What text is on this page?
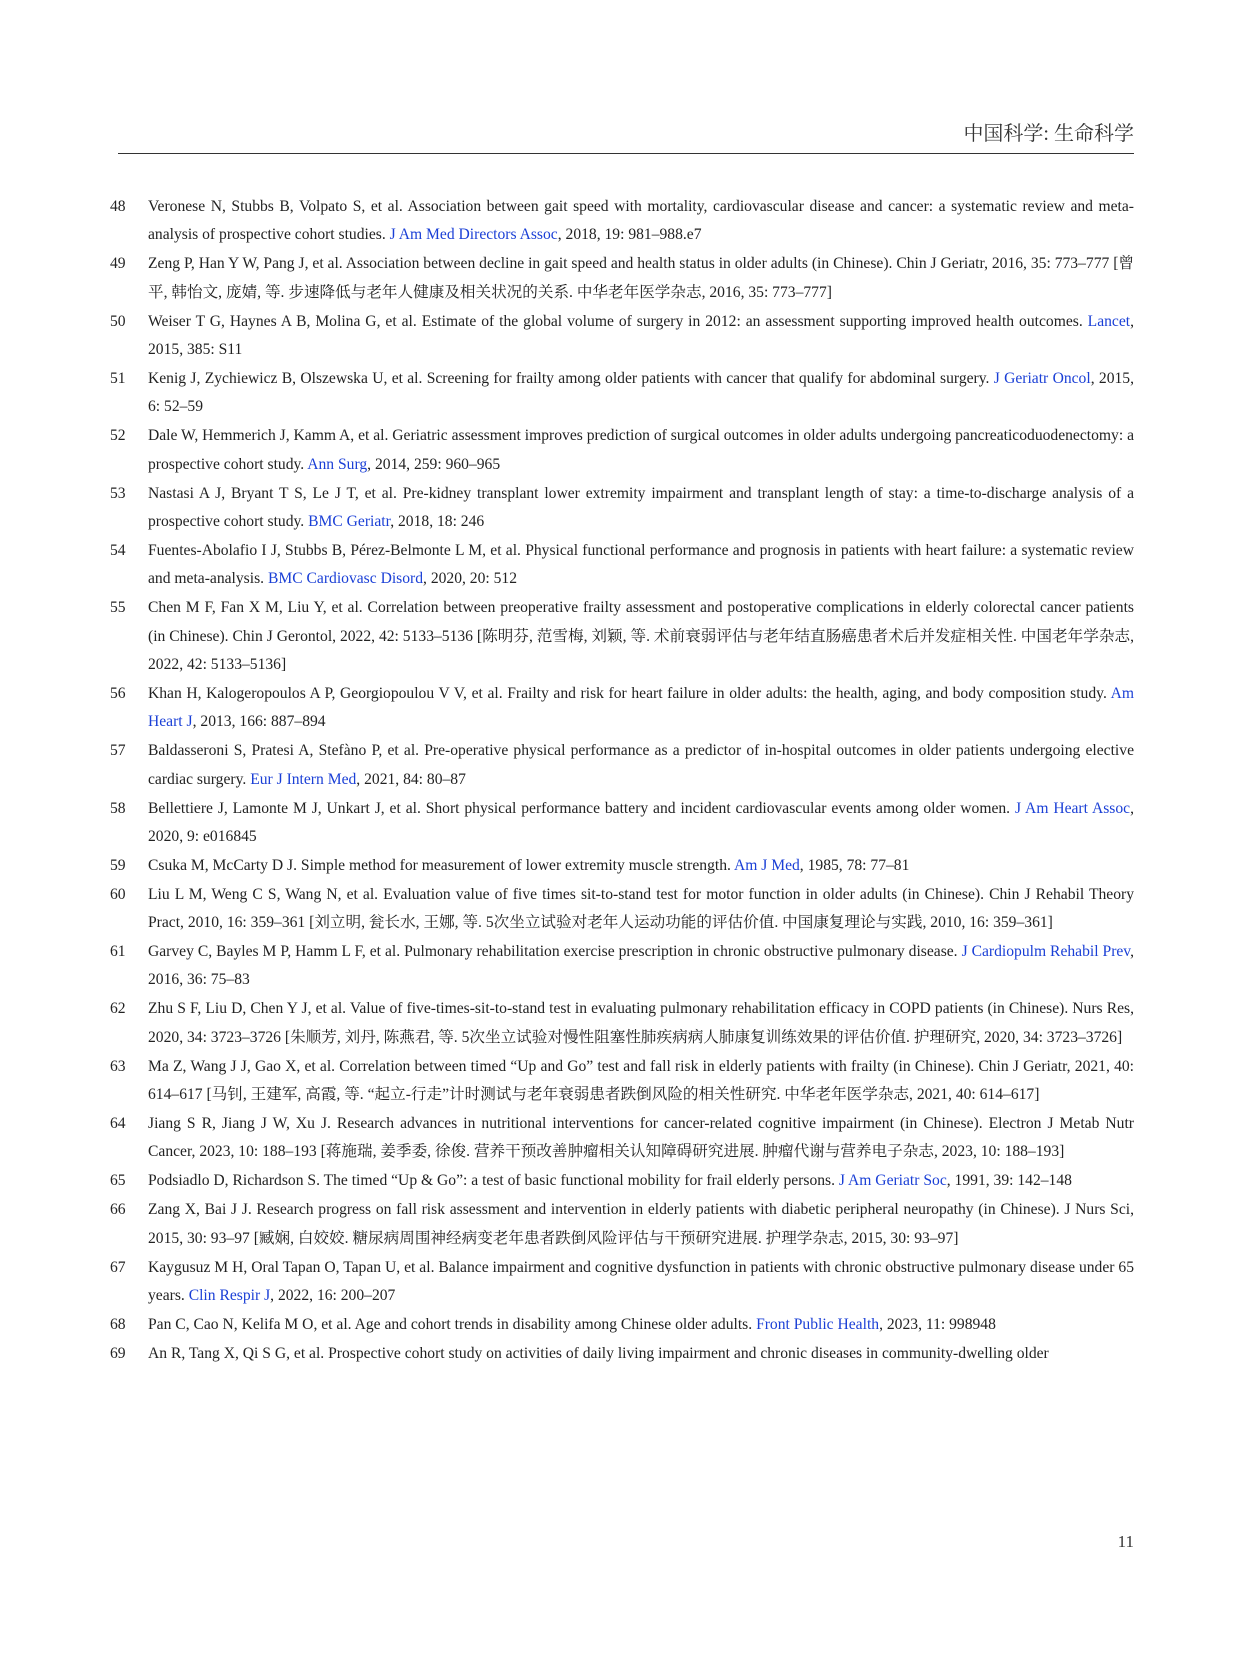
中国科学: 生命科学
48 Veronese N, Stubbs B, Volpato S, et al. Association between gait speed with mortality, cardiovascular disease and cancer: a systematic review and meta-analysis of prospective cohort studies. J Am Med Directors Assoc, 2018, 19: 981–988.e7
49 Zeng P, Han Y W, Pang J, et al. Association between decline in gait speed and health status in older adults (in Chinese). Chin J Geriatr, 2016, 35: 773–777 [曾平, 韩怡文, 庞婧, 等. 步速降低与老年人健康及相关状况的关系. 中华老年医学杂志, 2016, 35: 773–777]
50 Weiser T G, Haynes A B, Molina G, et al. Estimate of the global volume of surgery in 2012: an assessment supporting improved health outcomes. Lancet, 2015, 385: S11
51 Kenig J, Zychiewicz B, Olszewska U, et al. Screening for frailty among older patients with cancer that qualify for abdominal surgery. J Geriatr Oncol, 2015, 6: 52–59
52 Dale W, Hemmerich J, Kamm A, et al. Geriatric assessment improves prediction of surgical outcomes in older adults undergoing pancreaticoduodenectomy: a prospective cohort study. Ann Surg, 2014, 259: 960–965
53 Nastasi A J, Bryant T S, Le J T, et al. Pre-kidney transplant lower extremity impairment and transplant length of stay: a time-to-discharge analysis of a prospective cohort study. BMC Geriatr, 2018, 18: 246
54 Fuentes-Abolafio I J, Stubbs B, Pérez-Belmonte L M, et al. Physical functional performance and prognosis in patients with heart failure: a systematic review and meta-analysis. BMC Cardiovasc Disord, 2020, 20: 512
55 Chen M F, Fan X M, Liu Y, et al. Correlation between preoperative frailty assessment and postoperative complications in elderly colorectal cancer patients (in Chinese). Chin J Gerontol, 2022, 42: 5133–5136 [陈明芬, 范雪梅, 刘颖, 等. 术前衰弱评估与老年结直肠癌患者术后并发症相关性. 中国老年学杂志, 2022, 42: 5133–5136]
56 Khan H, Kalogeropoulos A P, Georgiopoulou V V, et al. Frailty and risk for heart failure in older adults: the health, aging, and body composition study. Am Heart J, 2013, 166: 887–894
57 Baldasseroni S, Pratesi A, Stefàno P, et al. Pre-operative physical performance as a predictor of in-hospital outcomes in older patients undergoing elective cardiac surgery. Eur J Intern Med, 2021, 84: 80–87
58 Bellettiere J, Lamonte M J, Unkart J, et al. Short physical performance battery and incident cardiovascular events among older women. J Am Heart Assoc, 2020, 9: e016845
59 Csuka M, McCarty D J. Simple method for measurement of lower extremity muscle strength. Am J Med, 1985, 78: 77–81
60 Liu L M, Weng C S, Wang N, et al. Evaluation value of five times sit-to-stand test for motor function in older adults (in Chinese). Chin J Rehabil Theory Pract, 2010, 16: 359–361 [刘立明, 瓮长水, 王娜, 等. 5次坐立试验对老年人运动功能的评估价值. 中国康复理论与实践, 2010, 16: 359–361]
61 Garvey C, Bayles M P, Hamm L F, et al. Pulmonary rehabilitation exercise prescription in chronic obstructive pulmonary disease. J Cardiopulm Rehabil Prev, 2016, 36: 75–83
62 Zhu S F, Liu D, Chen Y J, et al. Value of five-times-sit-to-stand test in evaluating pulmonary rehabilitation efficacy in COPD patients (in Chinese). Nurs Res, 2020, 34: 3723–3726 [朱顺芳, 刘丹, 陈燕君, 等. 5次坐立试验对慢性阻塞性肺疾病病人肺康复训练效果的评估价值. 护理研究, 2020, 34: 3723–3726]
63 Ma Z, Wang J J, Gao X, et al. Correlation between timed “Up and Go” test and fall risk in elderly patients with frailty (in Chinese). Chin J Geriatr, 2021, 40: 614–617 [马钊, 王建军, 高霞, 等. “起立-行走”计时测试与老年衰弱患者跌倒风险的相关性研究. 中华老年医学杂志, 2021, 40: 614–617]
64 Jiang S R, Jiang J W, Xu J. Research advances in nutritional interventions for cancer-related cognitive impairment (in Chinese). Electron J Metab Nutr Cancer, 2023, 10: 188–193 [蒋施瑞, 姜季委, 徐俊. 营养干预改善肿瘤相关认知障碍研究进展. 肿瘤代谢与营养电子杂志, 2023, 10: 188–193]
65 Podsiadlo D, Richardson S. The timed “Up & Go”: a test of basic functional mobility for frail elderly persons. J Am Geriatr Soc, 1991, 39: 142–148
66 Zang X, Bai J J. Research progress on fall risk assessment and intervention in elderly patients with diabetic peripheral neuropathy (in Chinese). J Nurs Sci, 2015, 30: 93–97 [臧娴, 白姣姣. 糖尿病周围神经病变老年患者跌倒风险评估与干预研究进展. 护理学杂志, 2015, 30: 93–97]
67 Kaygusuz M H, Oral Tapan O, Tapan U, et al. Balance impairment and cognitive dysfunction in patients with chronic obstructive pulmonary disease under 65 years. Clin Respir J, 2022, 16: 200–207
68 Pan C, Cao N, Kelifa M O, et al. Age and cohort trends in disability among Chinese older adults. Front Public Health, 2023, 11: 998948
69 An R, Tang X, Qi S G, et al. Prospective cohort study on activities of daily living impairment and chronic diseases in community-dwelling older
11
